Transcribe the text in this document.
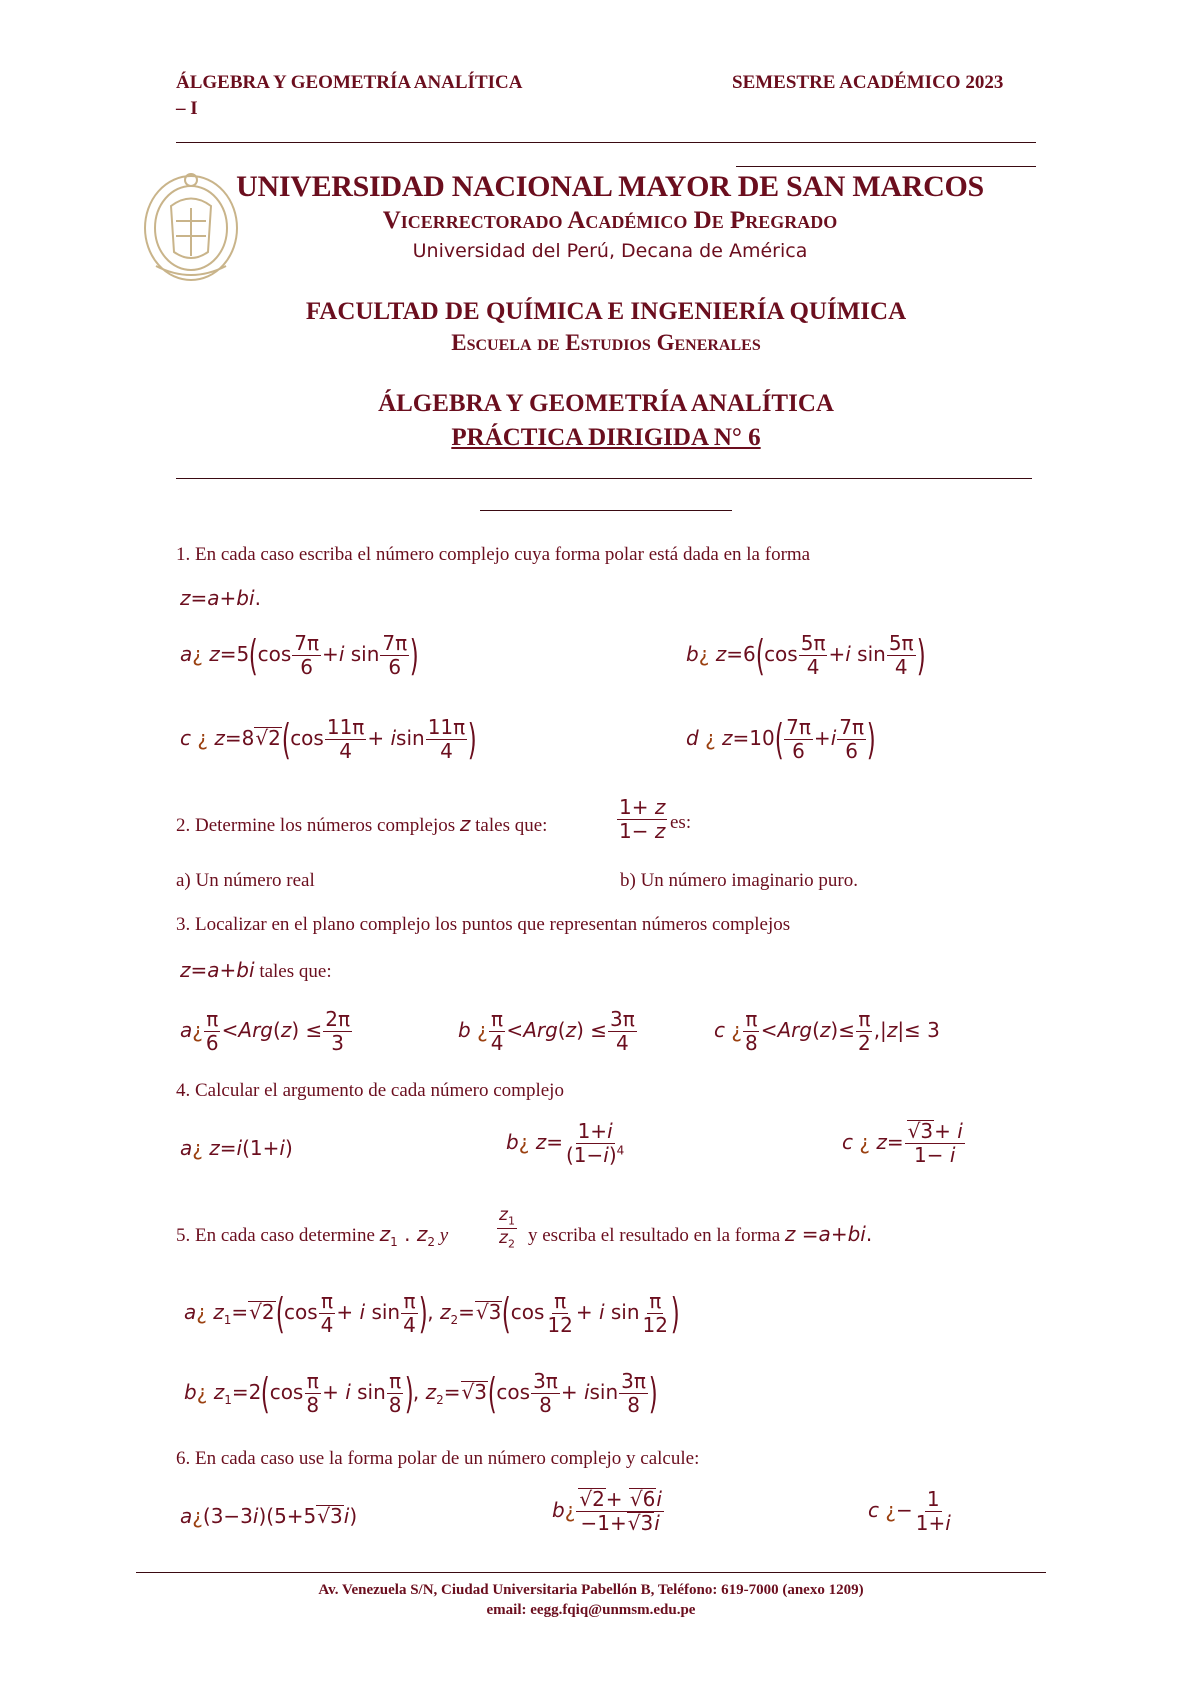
ÁLGEBRA Y GEOMETRÍA ANALÍTICA
– I
SEMESTRE ACADÉMICO 2023
UNIVERSIDAD NACIONAL MAYOR DE SAN MARCOS
Vicerrectorado Académico De Pregrado
Universidad del Perú, Decana de América
FACULTAD DE QUÍMICA E INGENIERÍA QUÍMICA
Escuela de Estudios Generales
ÁLGEBRA Y GEOMETRÍA ANALÍTICA
PRÁCTICA DIRIGIDA N° 6
1. En cada caso escriba el número complejo cuya forma polar está dada en la forma
z=a+bi.
a¿ $z=5(\cos \frac{7\pi}{6} +i$ $\sin \frac{7\pi}{6}$ )	b¿ $z=6(\cos \frac{5\pi}{4} +i$ $\sin \frac{5\pi}{4}$ )
c ¿ $z=8√2(\cos \frac{11\pi}{4} + isin \frac{11\pi}{4}$ )	d ¿ $z=10( \frac{7\pi}{6} +i \frac{7\pi}{6}$ )
2. Determine los números complejos z tales que:	$\frac{1+ z}{1- z}$ es:
a) Un número real	b) Un número imaginario puro.
3. Localizar en el plano complejo los puntos que representan números complejos
z=a+bi tales que:
a¿ $\frac{\pi}{6} <Arg(z) \le \frac{2\pi}{3}$	b ¿ $\frac{\pi}{4} <Arg(z) \le \frac{3\pi}{4}$	c ¿ $\frac{\pi}{8} <Arg(z)\le \frac{\pi}{2} ,|z|\le 3$
4. Calcular el argumento de cada número complejo
a¿ z=i(1+i)	b¿ $z= \frac{1+i}{(1-i)^4}$	c ¿ $z= \frac{√3+ i}{1- i}$
5. En cada caso determine $z_1$ . $z_2$ y	$\frac{z_1}{z_2}$ y escriba el resultado en la forma z =a+bi.
a¿ $z_1=√2(\cos \frac{\pi}{4} + i$ $\sin \frac{\pi}{4}$ ), $z_2=√3(\cos \frac{\pi}{12} + i$ $\sin \frac{\pi}{12}$ )
b¿ $z_1=2(\cos \frac{\pi}{8} + i$ $\sin \frac{\pi}{8}$ ), $z_2=√3(\cos \frac{3\pi}{8} + isin \frac{3\pi}{8}$ )
6. En cada caso use la forma polar de un número complejo y calcule:
a¿(3−3i)(5+5√3i)	b¿ $\frac{√2+ √6i}{-1+√3i}$	c ¿− $\frac{1}{1+i}$
Av. Venezuela S/N, Ciudad Universitaria Pabellón B, Teléfono: 619-7000 (anexo 1209)
email: eegg.fqiq@unmsm.edu.pe
